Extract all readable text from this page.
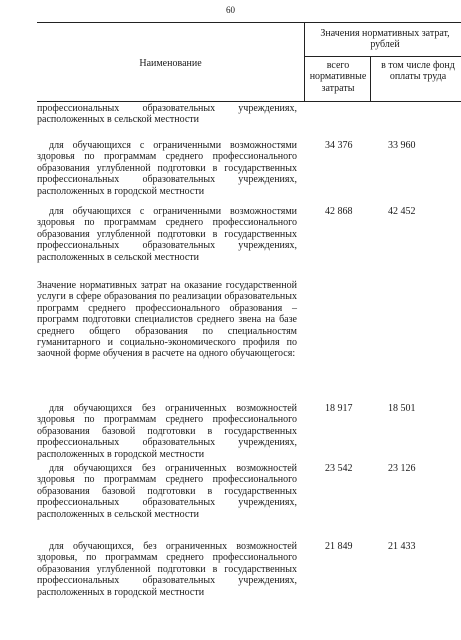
60
Наименование
Значения нормативных затрат, рублей
всего нормативные затраты
в том числе фонд оплаты труда
профессиональных образовательных учреждениях, расположенных в сельской местности
для обучающихся с ограниченными возможностями здоровья по программам среднего профессионального образования углубленной подготовки в государственных профессиональных образовательных учреждениях, расположенных в городской местности
34 376	33 960
для обучающихся с ограниченными возможностями здоровья по программам среднего профессионального образования углубленной подготовки в государственных профессиональных образовательных учреждениях, расположенных в сельской местности
42 868	42 452
Значение нормативных затрат на оказание государственной услуги в сфере образования по реализации образовательных программ среднего профессионального образования – программ подготовки специалистов среднего звена на базе среднего общего образования по специальностям гуманитарного и социально-экономического профиля по заочной форме обучения в расчете на одного обучающегося:
для обучающихся без ограниченных возможностей здоровья по программам среднего профессионального образования базовой подготовки в государственных профессиональных образовательных учреждениях, расположенных в городской местности
18 917	18 501
для обучающихся без ограниченных возможностей здоровья по программам среднего профессионального образования базовой подготовки в государственных профессиональных образовательных учреждениях, расположенных в сельской местности
23 542	23 126
для обучающихся, без ограниченных возможностей здоровья, по программам среднего профессионального образования углубленной подготовки в государственных профессиональных образовательных учреждениях, расположенных в городской местности
21 849	21 433
